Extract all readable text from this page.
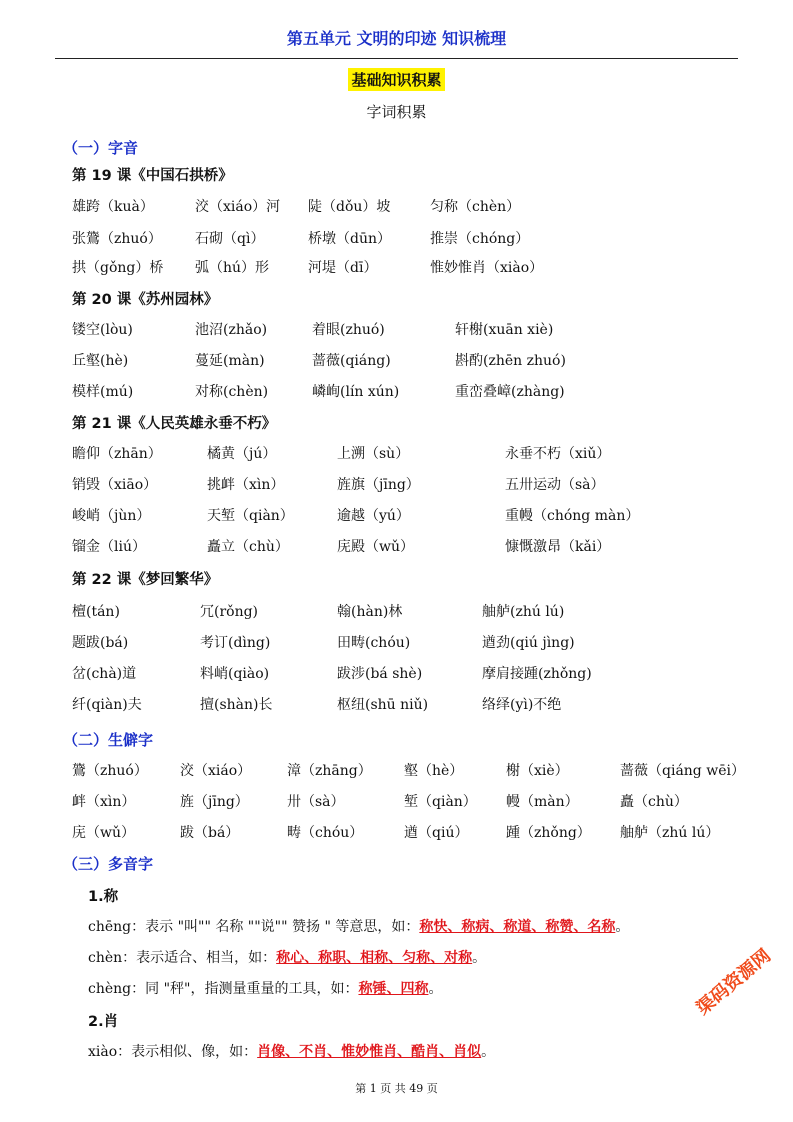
第五单元 文明的印迹 知识梳理
基础知识积累
字词积累
（一）字音
第 19 课《中国石拱桥》
雄跨（kuà）	洨（xiáo）河 陡（dǒu）坡	匀称（chèn）
张鷟（zhuó） 石砌（qì）	桥墩（dūn）	推崇（chóng）
拱（gǒng）桥 弧（hú）形	河堤（dī）	惟妙惟肖（xiào）
第 20 课《苏州园林》
镂空(lòu)	池沼(zhǎo)	着眼(zhuó)	轩榭(xuān xiè)
丘壑(hè)	蔓延(màn)	蔷薇(qiáng)	斟酌(zhēn zhuó)
模样(mú)	对称(chèn)	嶙峋(lín xún)	重峦叠嶂(zhàng)
第 21 课《人民英雄永垂不朽》
瞻仰（zhān）	橘黄（jú）	上溯（sù）	永垂不朽（xiǔ）
销毁（xiāo）	挑衅（xìn）	旌旗（jīng）	五卅运动（sà）
峻峭（jùn）	天堑（qiàn）	逾越（yú）	重幔（chóng màn）
镏金（liú）	矗立（chù）	庑殿（wǔ）	慷慨激昂（kǎi）
第 22 课《梦回繁华》
檀(tán)	冗(rǒng)	翰(hàn)林	舳舻(zhú lú)
题跋(bá)	考订(dìng)	田畴(chóu)	遒劲(qiú jìng)
岔(chà)道	料峭(qiào)	跋涉(bá shè)	摩肩接踵(zhǒng)
纤(qiàn)夫	擅(shàn)长	枢纽(shū niǔ)	络绎(yì)不绝
（二）生僻字
鷟（zhuó） 洨（xiáo）	漳（zhāng） 壑（hè）	榭（xiè）	蔷薇（qiáng wēi）
衅（xìn）	旌（jīng）	卅（sà）	堑（qiàn） 幔（màn）	矗（chù）
庑（wǔ）	跋（bá）	畴（chóu）	遒（qiú）	踵（zhǒng） 舳舻（zhú lú）
（三）多音字
1.称
chēng：表示 "叫"" 名称 ""说"" 赞扬 " 等意思，如：称快、称病、称道、称赞、名称。
chèn：表示适合、相当，如：称心、称职、相称、匀称、对称。
chèng：同 "秤"，指测量重量的工具，如：称锤、四称。
2.肖
xiào：表示相似、像，如：肖像、不肖、惟妙惟肖、酷肖、肖似。
第 1 页 共 49 页
渠码资源网
